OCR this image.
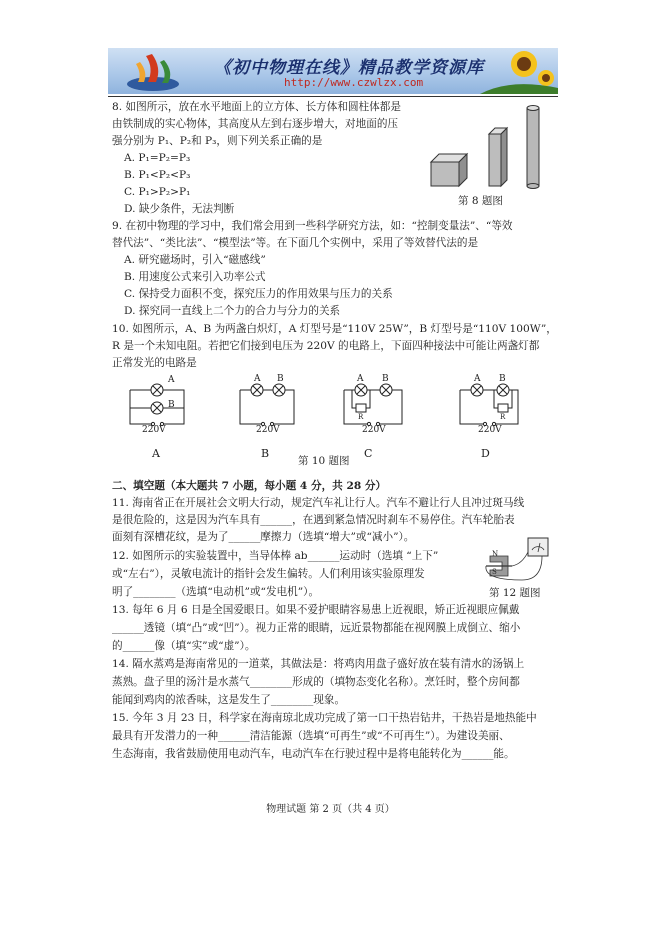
《初中物理在线》精品教学资源库
http://www.czwlzx.com
8. 如图所示，放在水平地面上的立方体、长方体和圆柱体都是
由铁制成的实心物体，其高度从左到右逐步增大，对地面的压
强分别为 P₁、P₂和 P₃，则下列关系正确的是
A. P₁=P₂=P₃
B. P₁<P₂<P₃
C. P₁>P₂>P₁
D. 缺少条件，无法判断
第 8 题图
9. 在初中物理的学习中，我们常会用到一些科学研究方法，如：“控制变量法”、“等效
替代法”、“类比法”、“模型法”等。在下面几个实例中，采用了等效替代法的是
A. 研究磁场时，引入“磁感线”
B. 用速度公式来引入功率公式
C. 保持受力面积不变，探究压力的作用效果与压力的关系
D. 探究同一直线上二个力的合力与分力的关系
10. 如图所示，A、B 为两盏白炽灯，A 灯型号是“110V 25W”，B 灯型号是“110V 100W”，
R 是一个未知电阻。若把它们接到电压为 220V 的电路上，下面四种接法中可能让两盏灯都
正常发光的电路是
A
B
220V
A B
220V
A B
R
220V
A B
R
220V
A	B	C	D
第 10 题图
二、填空题（本大题共 7 小题，每小题 4 分，共 28 分）
11. 海南省正在开展社会文明大行动，规定汽车礼让行人。汽车不避让行人且冲过斑马线
是很危险的，这是因为汽车具有______，在遇到紧急情况时刹车不易停住。汽车轮胎表
面刻有深槽花纹，是为了______摩擦力（选填“增大”或“减小”）。
12. 如图所示的实验装置中，当导体棒 ab______运动时（选填 “上下”
或“左右”），灵敏电流计的指针会发生偏转。人们利用该实验原理发
明了________（选填“电动机”或“发电机”）。
N
S
第 12 题图
13. 每年 6 月 6 日是全国爱眼日。如果不爱护眼睛容易患上近视眼，矫正近视眼应佩戴
______透镜（填“凸”或“凹”）。视力正常的眼睛，远近景物都能在视网膜上成倒立、缩小
的______像（填“实”或“虚”）。
14. 隔水蒸鸡是海南常见的一道菜，其做法是：将鸡肉用盘子盛好放在装有清水的汤锅上
蒸熟。盘子里的汤汁是水蒸气________形成的（填物态变化名称）。烹饪时，整个房间都
能闻到鸡肉的浓香味，这是发生了________现象。
15. 今年 3 月 23 日，科学家在海南琼北成功完成了第一口干热岩钻井，干热岩是地热能中
最具有开发潜力的一种______清洁能源（选填“可再生”或“不可再生”）。为建设美丽、
生态海南，我省鼓励使用电动汽车，电动汽车在行驶过程中是将电能转化为______能。
物理试题 第 2 页（共 4 页）
